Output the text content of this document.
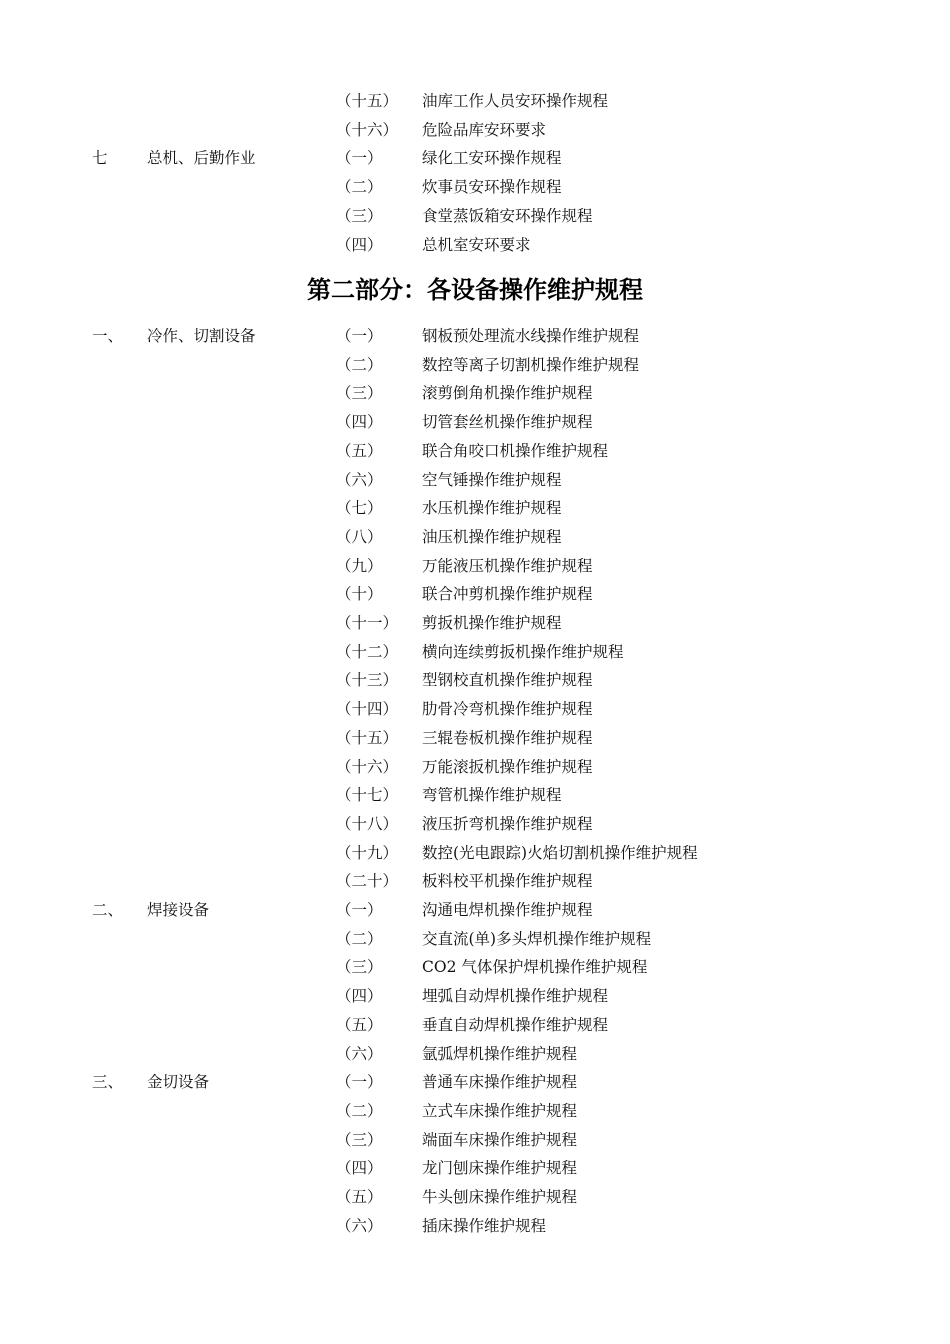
（十五） 油库工作人员安环操作规程
（十六） 危险品库安环要求
七	总机、后勤作业	（一）	绿化工安环操作规程
（二）	炊事员安环操作规程
（三）	食堂蒸饭箱安环操作规程
（四）	总机室安环要求
第二部分：各设备操作维护规程
一、 冷作、切割设备	（一）	钢板预处理流水线操作维护规程
（二）	数控等离子切割机操作维护规程
（三）	滚剪倒角机操作维护规程
（四）	切管套丝机操作维护规程
（五）	联合角咬口机操作维护规程
（六）	空气锤操作维护规程
（七）	水压机操作维护规程
（八）	油压机操作维护规程
（九）	万能液压机操作维护规程
（十）	联合冲剪机操作维护规程
（十一） 剪扳机操作维护规程
（十二） 横向连续剪扳机操作维护规程
（十三） 型钢校直机操作维护规程
（十四） 肋骨冷弯机操作维护规程
（十五） 三辊卷板机操作维护规程
（十六） 万能滚扳机操作维护规程
（十七） 弯管机操作维护规程
（十八） 液压折弯机操作维护规程
（十九） 数控(光电跟踪)火焰切割机操作维护规程
（二十） 板料校平机操作维护规程
二、 焊接设备	（一）	沟通电焊机操作维护规程
（二）	交直流(单)多头焊机操作维护规程
（三）	CO2 气体保护焊机操作维护规程
（四）	埋弧自动焊机操作维护规程
（五）	垂直自动焊机操作维护规程
（六）	氩弧焊机操作维护规程
三、 金切设备	（一）	普通车床操作维护规程
（二）	立式车床操作维护规程
（三）	端面车床操作维护规程
（四）	龙门刨床操作维护规程
（五）	牛头刨床操作维护规程
（六）	插床操作维护规程
